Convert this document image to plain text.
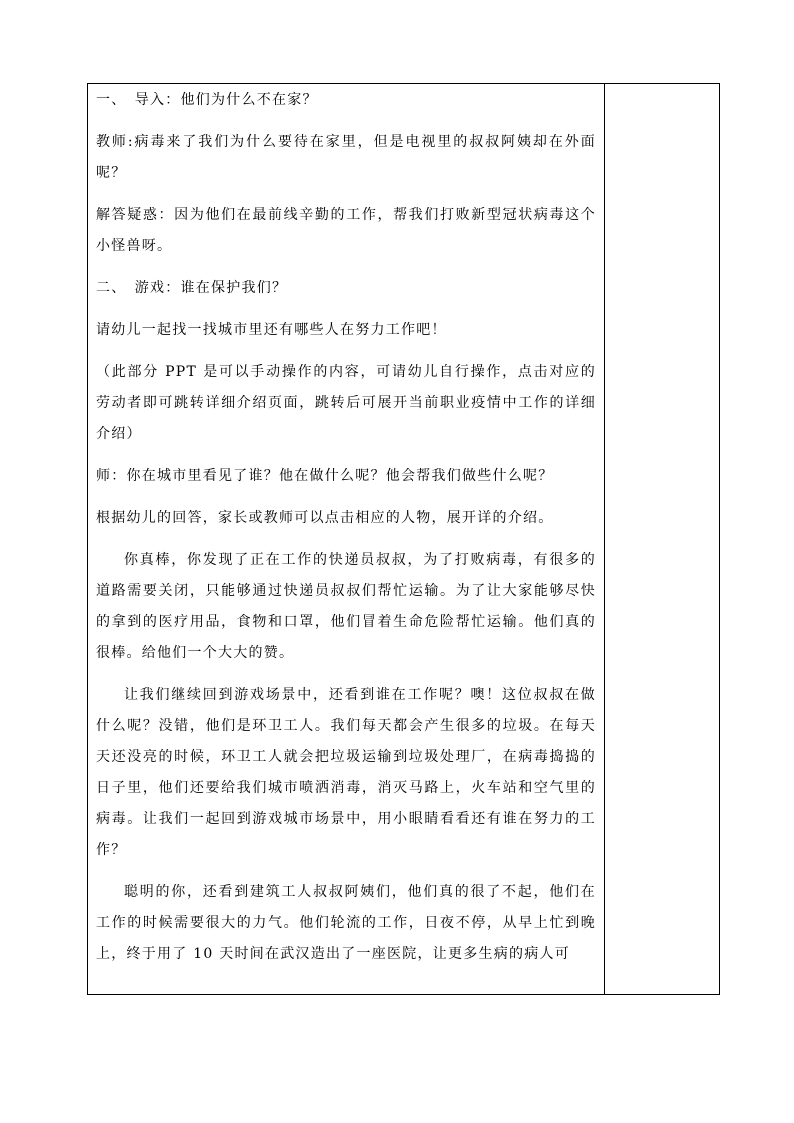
一、　导入：他们为什么不在家？

教师:病毒来了我们为什么要待在家里，但是电视里的叔叔阿姨却在外面呢？

解答疑惑：因为他们在最前线辛勤的工作，帮我们打败新型冠状病毒这个小怪兽呀。

二、　游戏：谁在保护我们？

请幼儿一起找一找城市里还有哪些人在努力工作吧！

（此部分 PPT 是可以手动操作的内容，可请幼儿自行操作，点击对应的劳动者即可跳转详细介绍页面，跳转后可展开当前职业疫情中工作的详细介绍）

师：你在城市里看见了谁？他在做什么呢？他会帮我们做些什么呢？

根据幼儿的回答，家长或教师可以点击相应的人物，展开详的介绍。

你真棒，你发现了正在工作的快递员叔叔，为了打败病毒，有很多的道路需要关闭，只能够通过快递员叔叔们帮忙运输。为了让大家能够尽快的拿到的医疗用品，食物和口罩，他们冒着生命危险帮忙运输。他们真的很棒。给他们一个大大的赞。

让我们继续回到游戏场景中，还看到谁在工作呢？噢！这位叔叔在做什么呢？没错，他们是环卫工人。我们每天都会产生很多的垃圾。在每天天还没亮的时候，环卫工人就会把垃圾运输到垃圾处理厂，在病毒捣捣的日子里，他们还要给我们城市喷洒消毒，消灭马路上，火车站和空气里的病毒。让我们一起回到游戏城市场景中，用小眼睛看看还有谁在努力的工作？

聪明的你，还看到建筑工人叔叔阿姨们，他们真的很了不起，他们在工作的时候需要很大的力气。他们轮流的工作，日夜不停，从早上忙到晚上，终于用了 10 天时间在武汉造出了一座医院，让更多生病的病人可
